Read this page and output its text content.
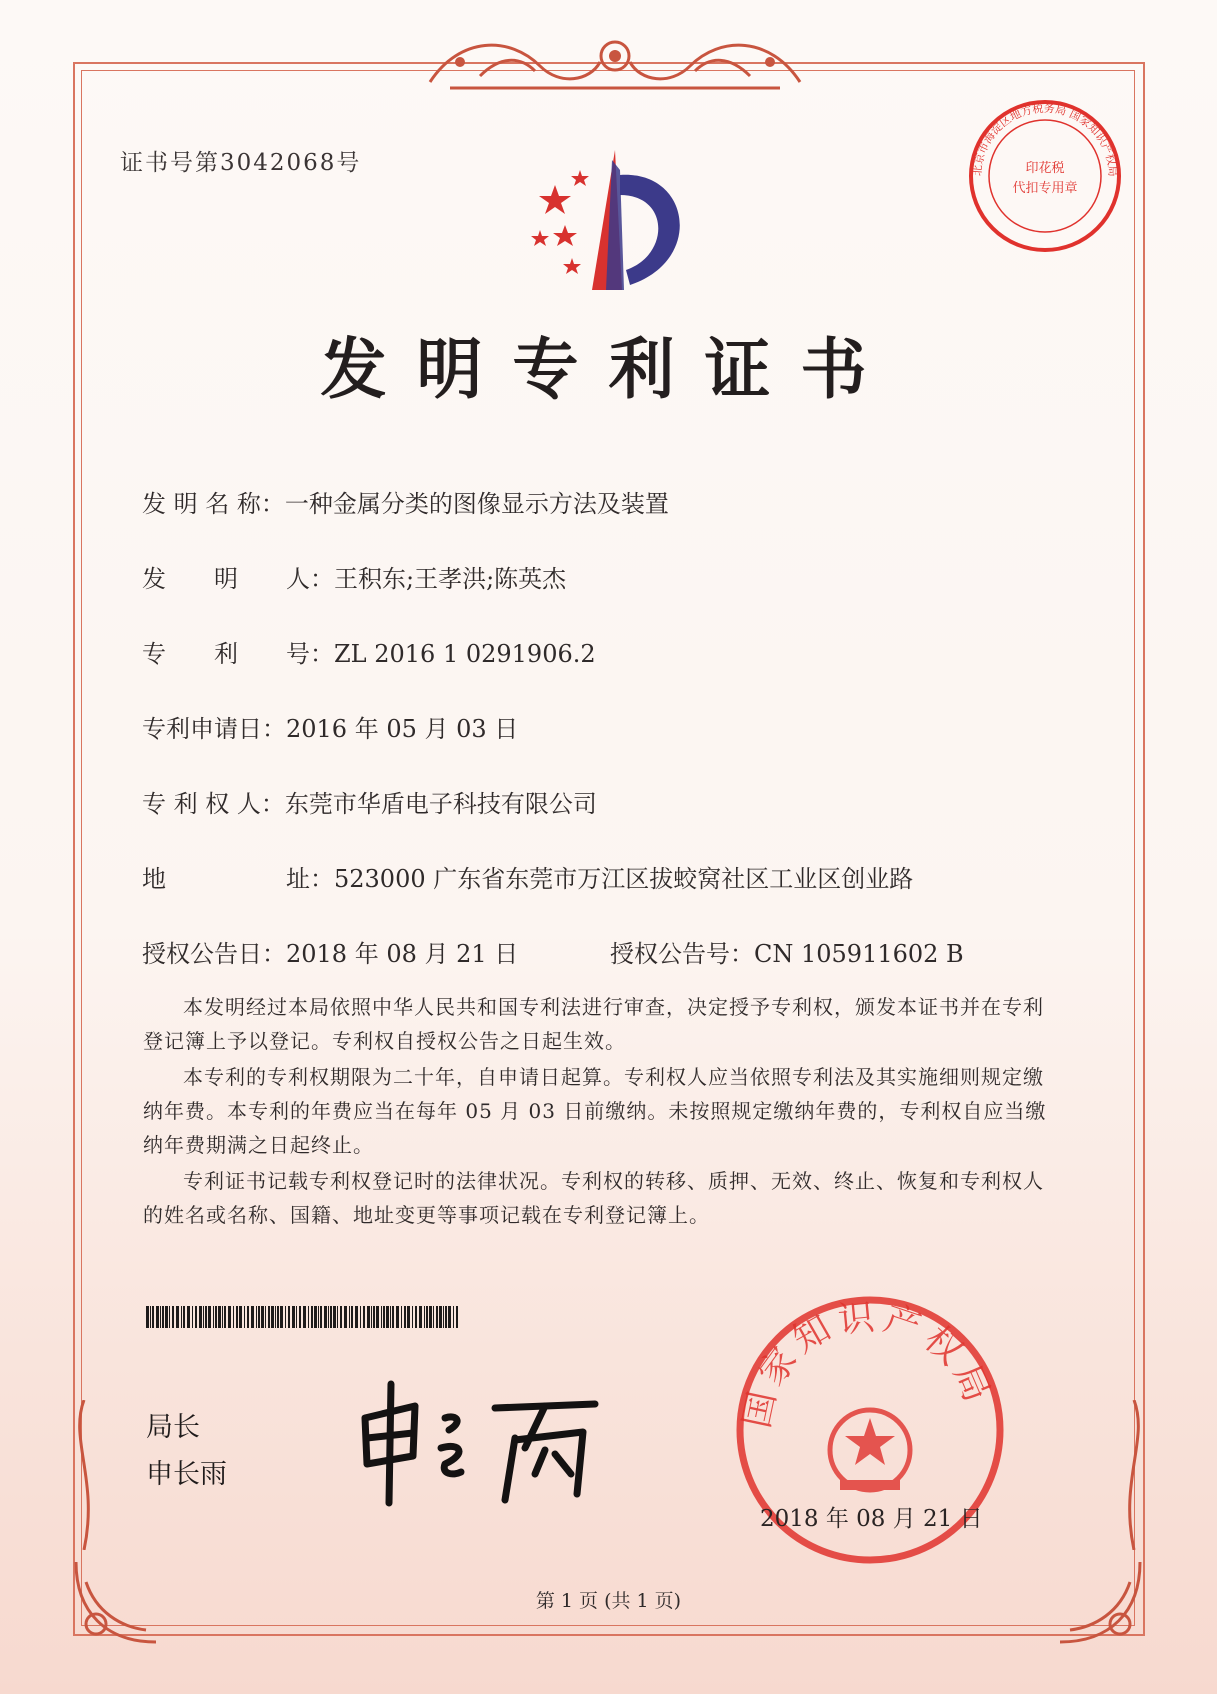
证书号第3042068号	北京市海淀区地方税务局 国家知识产权局
印花税
代扣专用章
发明专利证书
发 明 名 称：一种金属分类的图像显示方法及装置
发　　明　　人：王积东;王孝洪;陈英杰
专　　利　　号：ZL 2016 1 0291906.2
专利申请日：2016 年 05 月 03 日
专 利 权 人：东莞市华盾电子科技有限公司
地　　　　　址：523000 广东省东莞市万江区拔蛟窝社区工业区创业路
授权公告日：2018 年 08 月 21 日	授权公告号：CN 105911602 B

本发明经过本局依照中华人民共和国专利法进行审查，决定授予专利权，颁发本证书并在专利登记簿上予以登记。专利权自授权公告之日起生效。

本专利的专利权期限为二十年，自申请日起算。专利权人应当依照专利法及其实施细则规定缴纳年费。本专利的年费应当在每年 05 月 03 日前缴纳。未按照规定缴纳年费的，专利权自应当缴纳年费期满之日起终止。

专利证书记载专利权登记时的法律状况。专利权的转移、质押、无效、终止、恢复和专利权人的姓名或名称、国籍、地址变更等事项记载在专利登记簿上。

局长
申长雨
国家知识产权局
2018 年 08 月 21 日
第 1 页 (共 1 页)
